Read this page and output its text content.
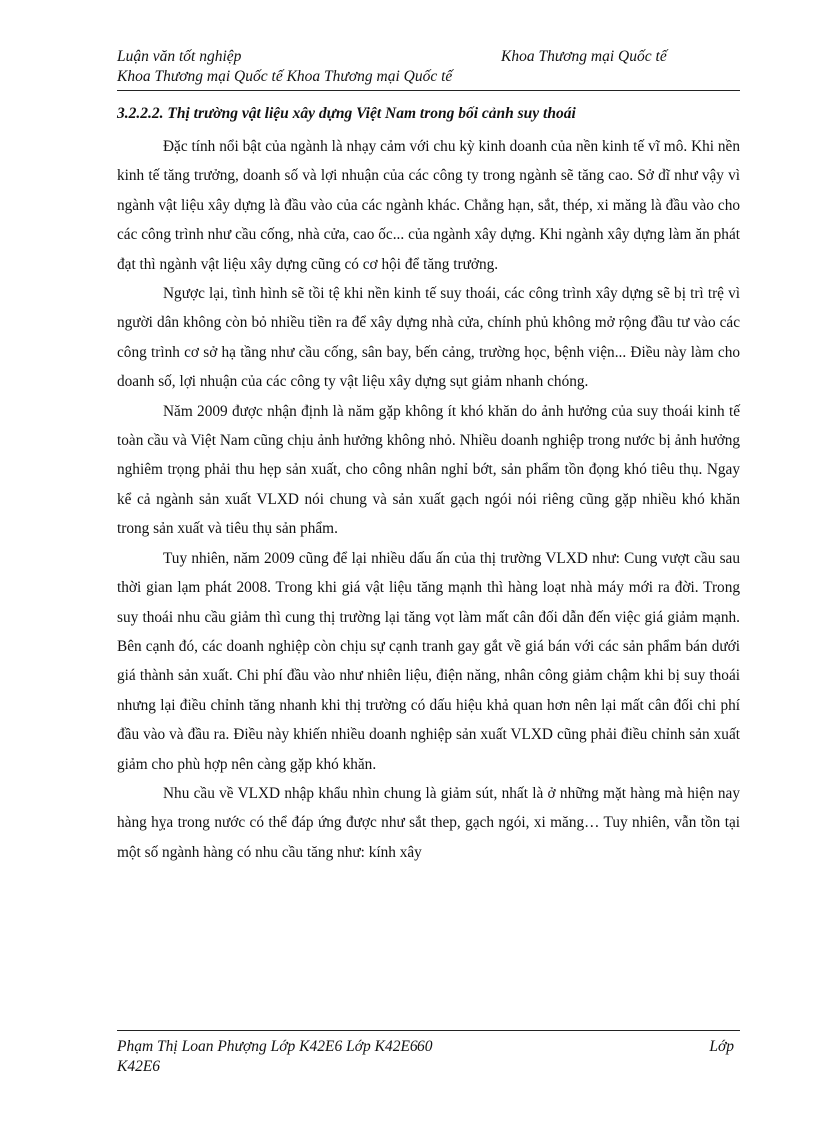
Luận văn tốt nghiệp	Khoa Thương mại Quốc tế
Khoa Thương mại Quốc tế Khoa Thương mại Quốc tế
3.2.2.2. Thị trường vật liệu xây dựng Việt Nam trong bối cảnh suy thoái

Đặc tính nổi bật của ngành là nhạy cảm với chu kỳ kinh doanh của nền kinh tế vĩ mô. Khi nền kinh tế tăng trưởng, doanh số và lợi nhuận của các công ty trong ngành sẽ tăng cao. Sở dĩ như vậy vì ngành vật liệu xây dựng là đầu vào của các ngành khác. Chẳng hạn, sắt, thép, xi măng là đầu vào cho các công trình như cầu cống, nhà cửa, cao ốc... của ngành xây dựng. Khi ngành xây dựng làm ăn phát đạt thì ngành vật liệu xây dựng cũng có cơ hội để tăng trưởng.

Ngược lại, tình hình sẽ tồi tệ khi nền kinh tế suy thoái, các công trình xây dựng sẽ bị trì trệ vì người dân không còn bỏ nhiều tiền ra để xây dựng nhà cửa, chính phủ không mở rộng đầu tư vào các công trình cơ sở hạ tầng như cầu cống, sân bay, bến cảng, trường học, bệnh viện... Điều này làm cho doanh số, lợi nhuận của các công ty vật liệu xây dựng sụt giảm nhanh chóng.

Năm 2009 được nhận định là năm gặp không ít khó khăn do ảnh hưởng của suy thoái kinh tế toàn cầu và Việt Nam cũng chịu ảnh hưởng không nhỏ. Nhiều doanh nghiệp trong nước bị ảnh hưởng nghiêm trọng phải thu hẹp sản xuất, cho công nhân nghỉ bớt, sản phẩm tồn đọng khó tiêu thụ. Ngay kể cả ngành sản xuất VLXD nói chung và sản xuất gạch ngói nói riêng cũng gặp nhiều khó khăn trong sản xuất và tiêu thụ sản phẩm.

Tuy nhiên, năm 2009 cũng để lại nhiều dấu ấn của thị trường VLXD như: Cung vượt cầu sau thời gian lạm phát 2008. Trong khi giá vật liệu tăng mạnh thì hàng loạt nhà máy mới ra đời. Trong suy thoái nhu cầu giảm thì cung thị trường lại tăng vọt làm mất cân đối dẫn đến việc giá giảm mạnh. Bên cạnh đó, các doanh nghiệp còn chịu sự cạnh tranh gay gắt về giá bán với các sản phẩm bán dưới giá thành sản xuất. Chi phí đầu vào như nhiên liệu, điện năng, nhân công giảm chậm khi bị suy thoái nhưng lại điều chỉnh tăng nhanh khi thị trường có dấu hiệu khả quan hơn nên lại mất cân đối chi phí đầu vào và đầu ra. Điều này khiến nhiều doanh nghiệp sản xuất VLXD cũng phải điều chỉnh sản xuất giảm cho phù hợp nên càng gặp khó khăn.

Nhu cầu về VLXD nhập khẩu nhìn chung là giảm sút, nhất là ở những mặt hàng mà hiện nay hàng hỵa trong nước có thể đáp ứng được như sắt thep, gạch ngói, xi măng… Tuy nhiên, vẫn tồn tại một số ngành hàng có nhu cầu tăng như: kính xây

Phạm Thị Loan Phượng Lớp K42E6 Lớp K42E6 60	Lớp
K42E6
